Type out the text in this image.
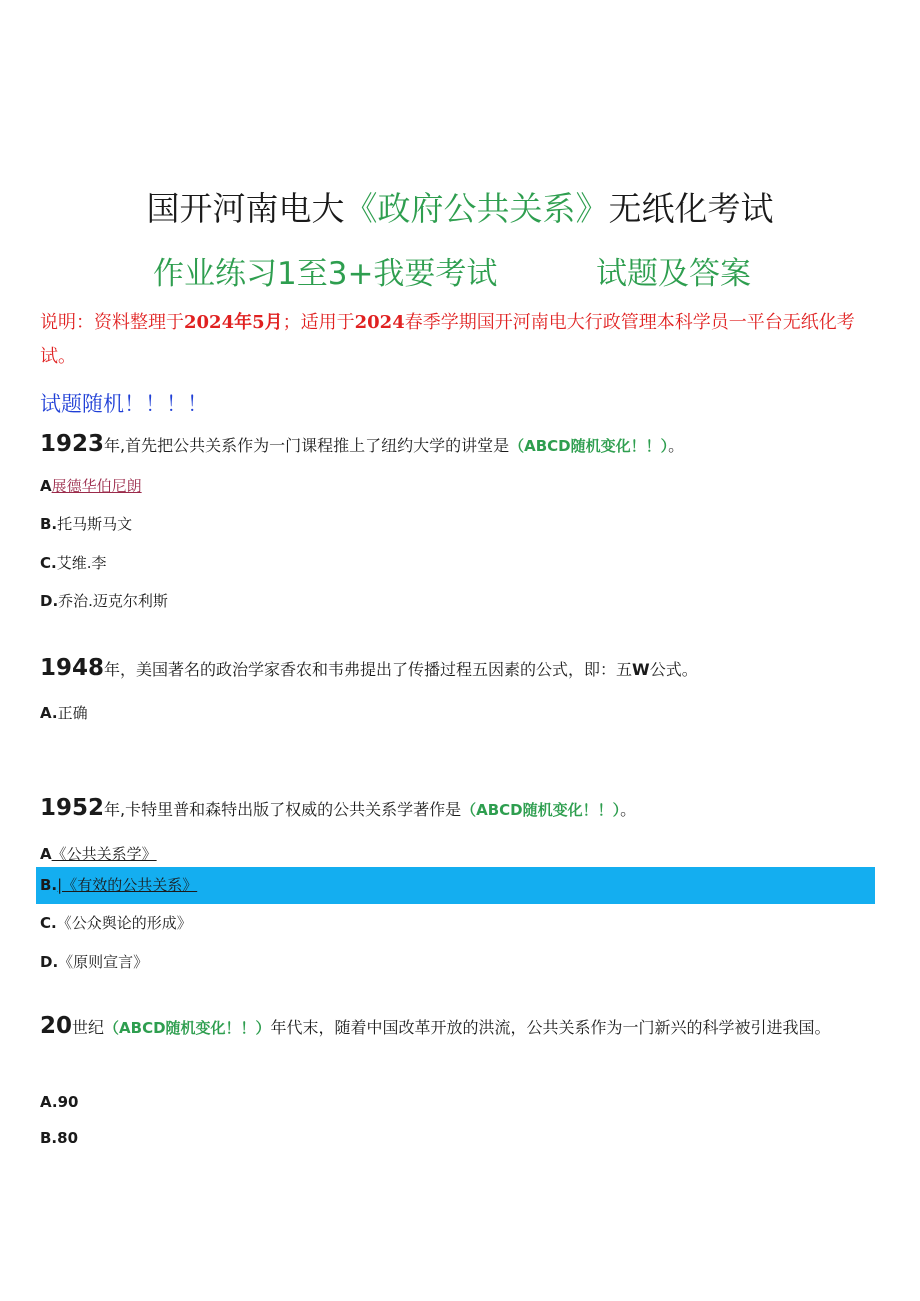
国开河南电大《政府公共关系》无纸化考试
作业练习1至3+我要考试	试题及答案
说明：资料整理于2024年5月；适用于2024春季学期国开河南电大行政管理本科学员一平台无纸化考试。
试题随机！！！！
1923年,首先把公共关系作为一门课程推上了纽约大学的讲堂是（ABCD随机变化！！）。
A展德华伯尼朗
B.托马斯马文
C.艾维.李
D.乔治.迈克尔利斯
1948年，美国著名的政治学家香农和韦弗提出了传播过程五因素的公式，即：五W公式。
A.正确
1952年,卡特里普和森特出版了权威的公共关系学著作是（ABCD随机变化！！）。
A《公共关系学》
B.|《有效的公共关系》
C.《公众舆论的形成》
D.《原则宣言》
20世纪（ABCD随机变化！！）年代末，随着中国改革开放的洪流，公共关系作为一门新兴的科学被引进我国。
A.90
B.80
